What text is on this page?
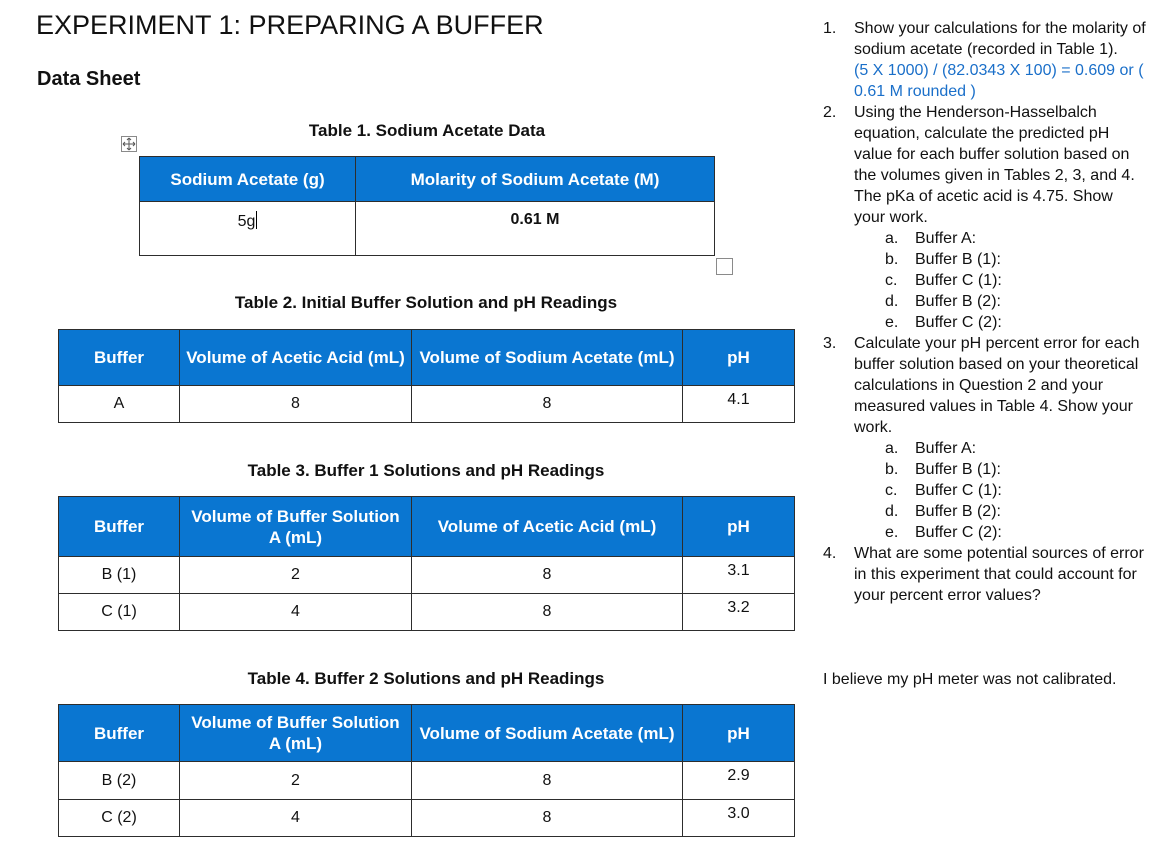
EXPERIMENT 1: PREPARING A BUFFER
Data Sheet
Table 1. Sodium Acetate Data
Sodium Acetate (g)	Molarity of Sodium Acetate (M)
5g	0.61 M
Table 2. Initial Buffer Solution and pH Readings
Buffer	Volume of Acetic Acid (mL)	Volume of Sodium Acetate (mL)	pH
A	8	8	4.1
Table 3. Buffer 1 Solutions and pH Readings
Buffer	Volume of Buffer Solution A (mL)	Volume of Acetic Acid (mL)	pH
B (1)	2	8	3.1
C (1)	4	8	3.2
Table 4. Buffer 2 Solutions and pH Readings
Buffer	Volume of Buffer Solution A (mL)	Volume of Sodium Acetate (mL)	pH
B (2)	2	8	2.9
C (2)	4	8	3.0
1. Show your calculations for the molarity of sodium acetate (recorded in Table 1).
(5 X 1000) / (82.0343 X 100) = 0.609 or ( 0.61 M rounded )
2. Using the Henderson-Hasselbalch equation, calculate the predicted pH value for each buffer solution based on the volumes given in Tables 2, 3, and 4. The pKa of acetic acid is 4.75. Show your work.
a. Buffer A:
b. Buffer B (1):
c. Buffer C (1):
d. Buffer B (2):
e. Buffer C (2):
3. Calculate your pH percent error for each buffer solution based on your theoretical calculations in Question 2 and your measured values in Table 4. Show your work.
a. Buffer A:
b. Buffer B (1):
c. Buffer C (1):
d. Buffer B (2):
e. Buffer C (2):
4. What are some potential sources of error in this experiment that could account for your percent error values?
I believe my pH meter was not calibrated.
